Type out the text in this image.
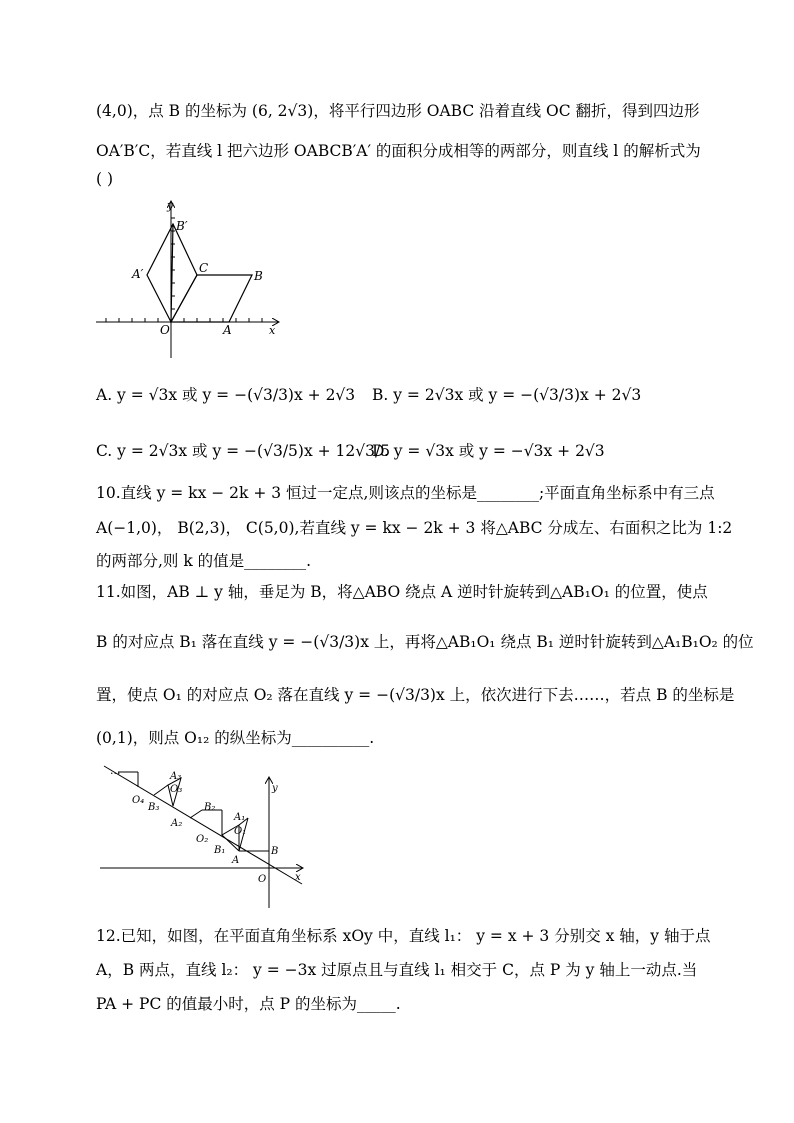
(4,0)，点 B 的坐标为 (6, 2√3)，将平行四边形 OABC 沿着直线 OC 翻折，得到四边形
OA′B′C，若直线 l 把六边形 OABCB′A′ 的面积分成相等的两部分，则直线 l 的解析式为
( )
y
x
O	A
B
C
A′
B′
A. y = √3x 或 y = −(√3/3)x + 2√3 B. y = 2√3x 或 y = −(√3/3)x + 2√3
C. y = 2√3x 或 y = −(√3/5)x + 12√3/5
D. y = √3x 或 y = −√3x + 2√3
10.直线 y = kx − 2k + 3 恒过一定点,则该点的坐标是________;平面直角坐标系中有三点
A(−1,0)， B(2,3)， C(5,0),若直线 y = kx − 2k + 3 将△ABC 分成左、右面积之比为 1:2
的两部分,则 k 的值是________.
11.如图，AB ⊥ y 轴，垂足为 B，将△ABO 绕点 A 逆时针旋转到△AB₁O₁ 的位置，使点
B 的对应点 B₁ 落在直线 y = −(√3/3)x 上，再将△AB₁O₁ 绕点 B₁ 逆时针旋转到△A₁B₁O₂ 的位
置，使点 O₁ 的对应点 O₂ 落在直线 y = −(√3/3)x 上，依次进行下去……，若点 B 的坐标是
(0,1)，则点 O₁₂ 的纵坐标为__________.
y
x
O
B
A
B₁
O₁
A₁
O₂
B₂
A₂
B₃
O₃
A₃
O₄
...
12.已知，如图，在平面直角坐标系 xOy 中，直线 l₁： y = x + 3 分别交 x 轴，y 轴于点
A，B 两点，直线 l₂： y = −3x 过原点且与直线 l₁ 相交于 C，点 P 为 y 轴上一动点.当
PA + PC 的值最小时，点 P 的坐标为_____.
